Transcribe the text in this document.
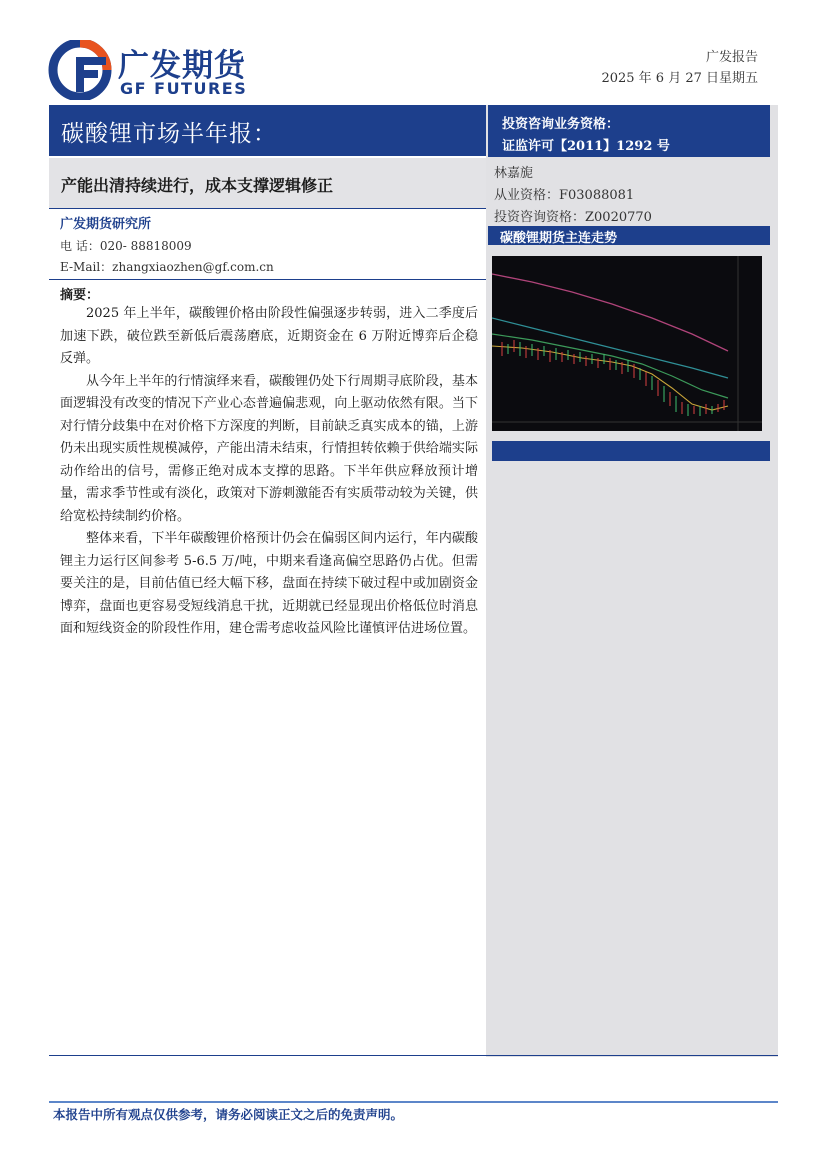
广发期货
GF FUTURES
广发报告
2025 年 6 月 27 日星期五
碳酸锂市场半年报：
产能出清持续进行，成本支撑逻辑修正
广发期货研究所
电 话：020- 88818009
E-Mail：zhangxiaozhen@gf.com.cn
摘要：

2025 年上半年，碳酸锂价格由阶段性偏强逐步转弱，进入二季度后加速下跌，破位跌至新低后震荡磨底，近期资金在 6 万附近博弈后企稳反弹。

从今年上半年的行情演绎来看，碳酸锂仍处下行周期寻底阶段，基本面逻辑没有改变的情况下产业心态普遍偏悲观，向上驱动依然有限。当下对行情分歧集中在对价格下方深度的判断，目前缺乏真实成本的锚，上游仍未出现实质性规模减停，产能出清未结束，行情担转依赖于供给端实际动作给出的信号，需修正绝对成本支撑的思路。下半年供应释放预计增量，需求季节性或有淡化，政策对下游刺激能否有实质带动较为关键，供给宽松持续制约价格。

整体来看，下半年碳酸锂价格预计仍会在偏弱区间内运行，年内碳酸锂主力运行区间参考 5-6.5 万/吨，中期来看逢高偏空思路仍占优。但需要关注的是，目前估值已经大幅下移，盘面在持续下破过程中或加剧资金博弈，盘面也更容易受短线消息干扰，近期就已经显现出价格低位时消息面和短线资金的阶段性作用，建仓需考虑收益风险比谨慎评估进场位置。

投资咨询业务资格：
证监许可【2011】1292 号
林嘉旎
从业资格：F03088081
投资咨询资格：Z0020770
碳酸锂期货主连走势
本报告中所有观点仅供参考，请务必阅读正文之后的免责声明。
